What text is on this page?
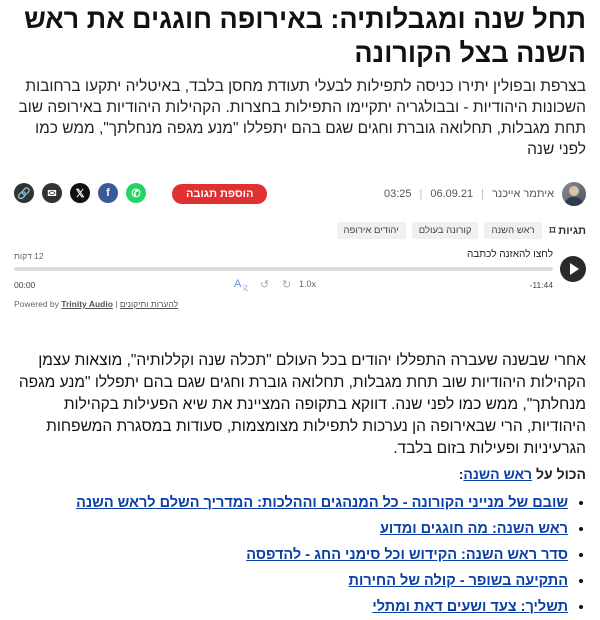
תחל שנה ומגבלותיה: באירופה חוגגים את ראש השנה בצל הקורונה
בצרפת ובפולין יתירו כניסה לתפילות לבעלי תעודת מחסן בלבד, באיטליה יתקעו ברחובות השכונות היהודיות - ובבולגריה יתקיימו התפילות בחצרות. הקהילות היהודיות באירופה שוב תחת מגבלות, תחלואה גוברת וחגים שגם בהם יתפללו "מנע מגפה מנחלתך", ממש כמו לפני שנה
איתמר אייכנר
|
06.09.21
|
03:25
הוספת תגובה
🔗	✉	𝕏	f	✆
⌑ תגיות
ראש השנה
קורונה בעולם
יהודים אירופה
לחצו להאזנה לכתבה
12 דקות
00:00	$A_文$ ↺ ↻ 1.0x	-11:44
Powered by Trinity Audio | להערות ותיקונים
אחרי שבשנה שעברה התפללו יהודים בכל העולם "תכלה שנה וקללותיה", מוצאות עצמן הקהילות היהודיות שוב תחת מגבלות, תחלואה גוברת וחגים שגם בהם יתפללו "מנע מגפה מנחלתך", ממש כמו לפני שנה. דווקא בתקופה המציינת את שיא הפעילות בקהילות היהודיות, הרי שבאירופה הן נערכות לתפילות מצומצמות, סעודות במסגרת המשפחות הגרעיניות ופעילות בזום בלבד.
הכול על ראש השנה:
• שובם של מנייני הקורונה - כל המנהגים וההלכות: המדריך השלם לראש השנה
• ראש השנה: מה חוגגים ומדוע
• סדר ראש השנה: הקידוש וכל סימני החג - להדפסה
• התקיעה בשופר - קולה של החירות
• תשליך: צעד ושעים דאת ומתלי
